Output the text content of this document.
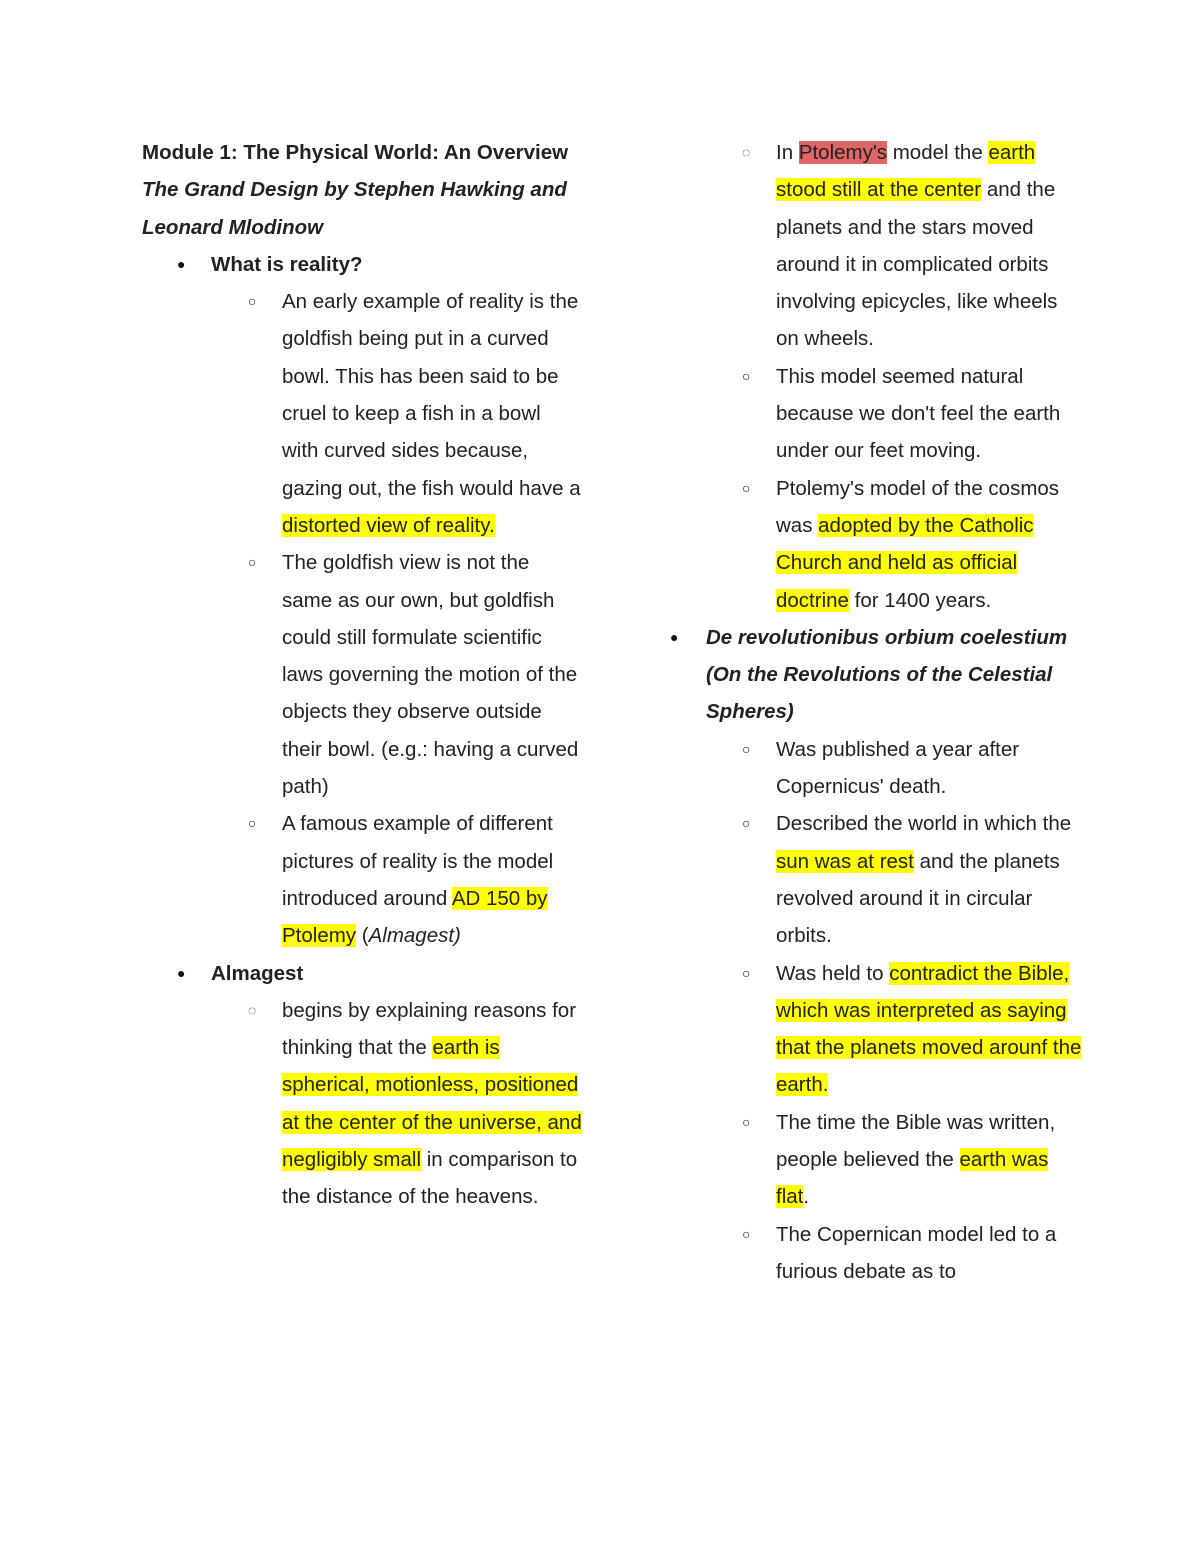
Module 1: The Physical World: An Overview
The Grand Design by Stephen Hawking and Leonard Mlodinow
●
What is reality?
○
An early example of reality is the goldfish being put in a curved bowl. This has been said to be cruel to keep a fish in a bowl with curved sides because, gazing out, the fish would have a distorted view of reality.
○
The goldfish view is not the same as our own, but goldfish could still formulate scientific laws governing the motion of the objects they observe outside their bowl. (e.g.: having a curved path)
○
A famous example of different pictures of reality is the model introduced around AD 150 by Ptolemy (Almagest)
●
Almagest
◌
begins by explaining reasons for thinking that the earth is spherical, motionless, positioned at the center of the universe, and negligibly small in comparison to the distance of the heavens.
◌
In Ptolemy's model the earth stood still at the center and the planets and the stars moved around it in complicated orbits involving epicycles, like wheels on wheels.
○
This model seemed natural because we don't feel the earth under our feet moving.
○
Ptolemy's model of the cosmos was adopted by the Catholic Church and held as official doctrine for 1400 years.
●
De revolutionibus orbium coelestium (On the Revolutions of the Celestial Spheres)
○
Was published a year after Copernicus' death.
○
Described the world in which the sun was at rest and the planets revolved around it in circular orbits.
○
Was held to contradict the Bible, which was interpreted as saying that the planets moved arounf the earth.
○
The time the Bible was written, people believed the earth was flat.
○
The Copernican model led to a furious debate as to
